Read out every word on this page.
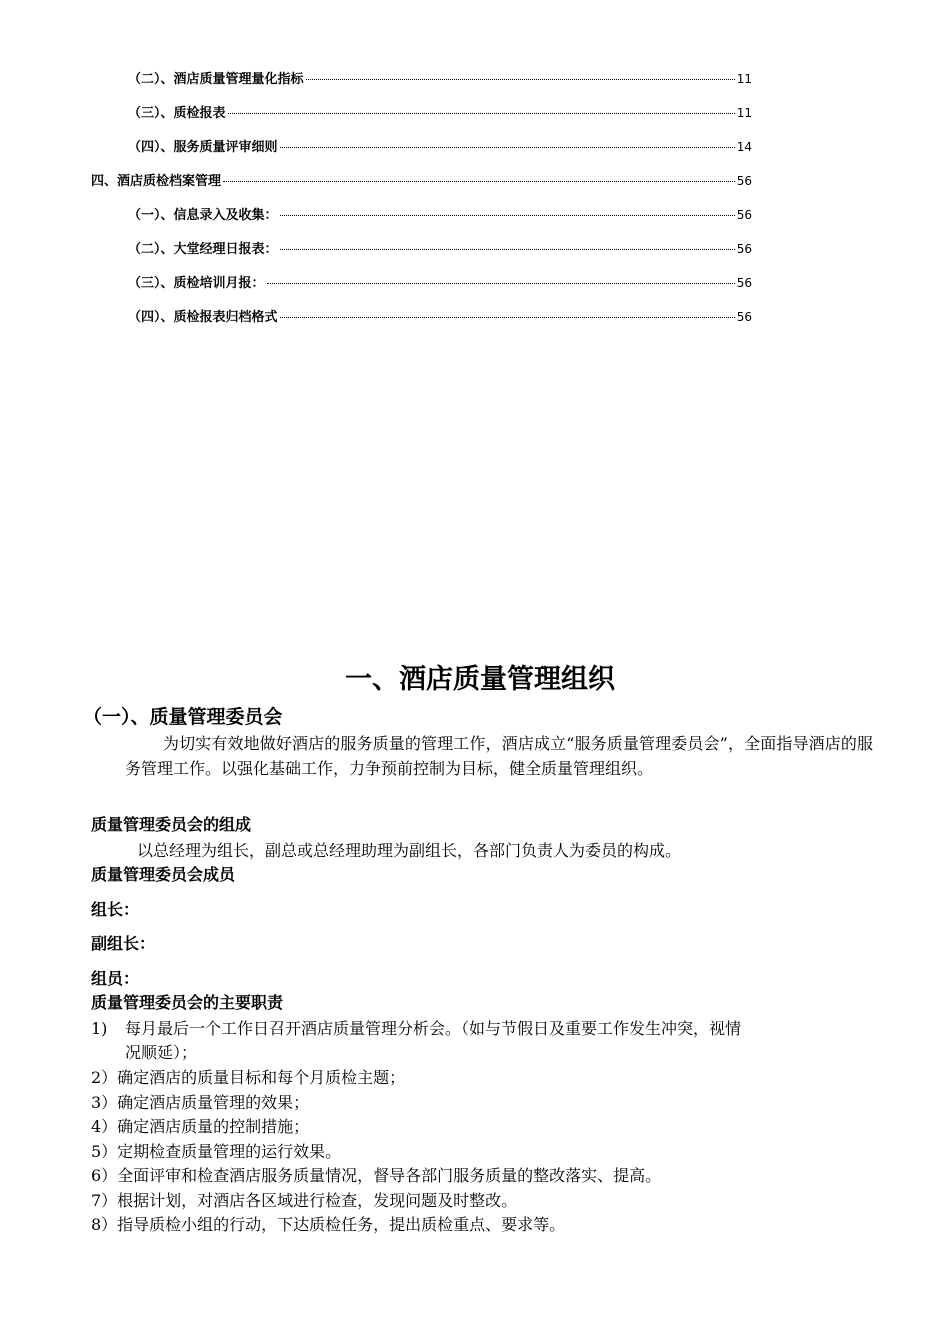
（二）、酒店质量管理量化指标	11
（三）、质检报表	11
（四）、服务质量评审细则	14
四、酒店质检档案管理	56
（一）、信息录入及收集：	56
（二）、大堂经理日报表：	56
（三）、质检培训月报：	56
（四）、质检报表归档格式	56
一、酒店质量管理组织
（一）、质量管理委员会

为切实有效地做好酒店的服务质量的管理工作，酒店成立“服务质量管理委员会”，全面指导酒店的服务管理工作。以强化基础工作，力争预前控制为目标，健全质量管理组织。

质量管理委员会的组成
以总经理为组长，副总或总经理助理为副组长，各部门负责人为委员的构成。
质量管理委员会成员
组长：
副组长：
组员：
质量管理委员会的主要职责
1)	每月最后一个工作日召开酒店质量管理分析会。（如与节假日及重要工作发生冲突，视情
况顺延）；
2）确定酒店的质量目标和每个月质检主题；
3）确定酒店质量管理的效果；
4）确定酒店质量的控制措施；
5）定期检查质量管理的运行效果。
6）全面评审和检查酒店服务质量情况，督导各部门服务质量的整改落实、提高。
7）根据计划，对酒店各区域进行检查，发现问题及时整改。
8）指导质检小组的行动，下达质检任务，提出质检重点、要求等。
